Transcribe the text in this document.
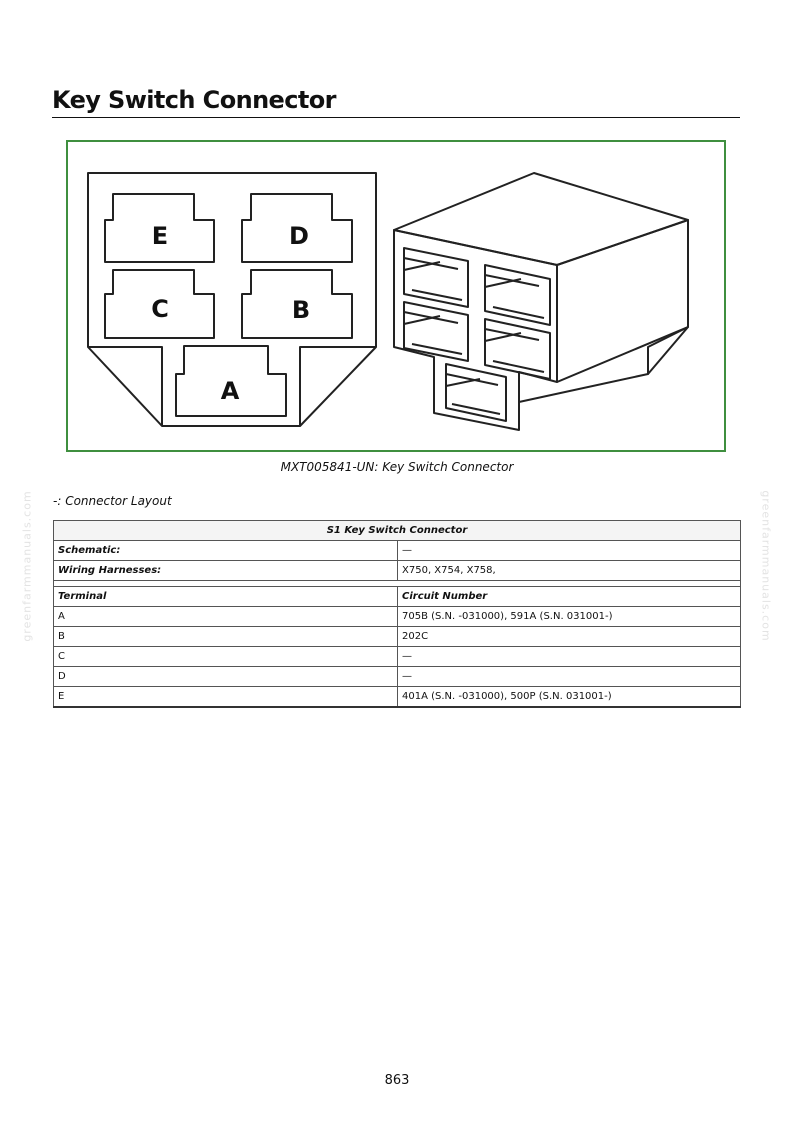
Key Switch Connector
E	D
C	B
A
MXT005841-UN: Key Switch Connector
-: Connector Layout
greenfarmmanuals.com	greenfarmmanuals.com
S1 Key Switch Connector	
Schematic:	—
Wiring Harnesses:	X750, X754, X758,

Terminal	Circuit Number
A	705B (S.N. -031000), 591A (S.N. 031001-)
B	202C
C	—
D	—
E	401A (S.N. -031000), 500P (S.N. 031001-)
863
